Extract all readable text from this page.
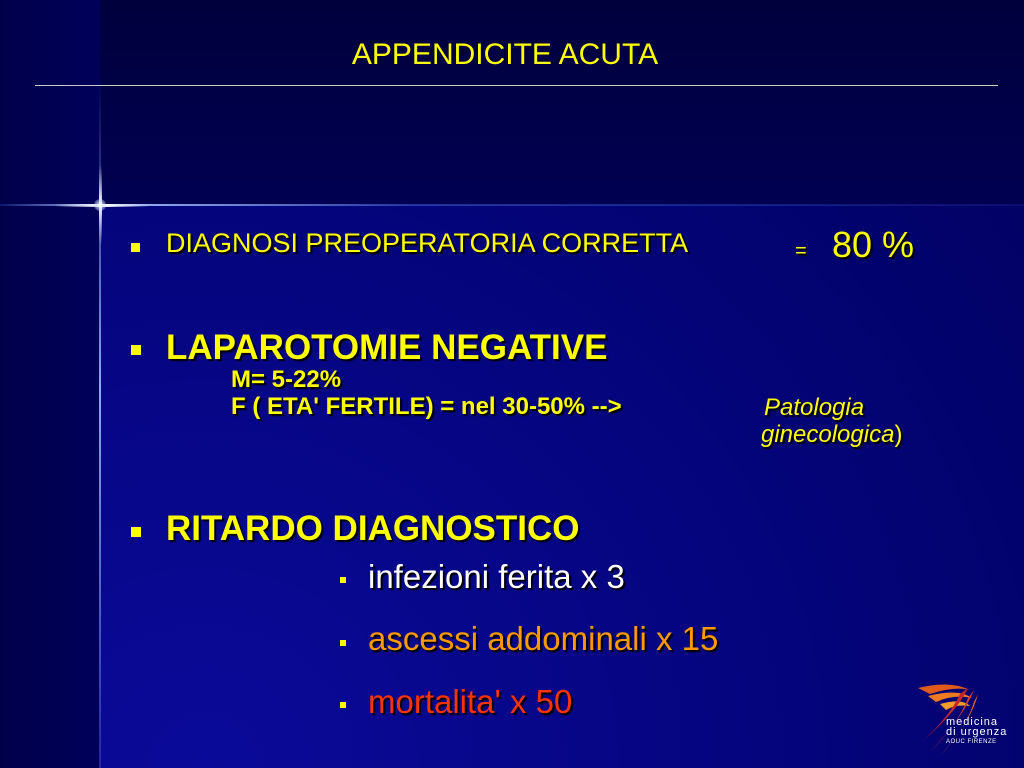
APPENDICITE ACUTA
DIAGNOSI PREOPERATORIA CORRETTA	= 80 %
LAPAROTOMIE NEGATIVE
M= 5-22%
F ( ETA' FERTILE) = nel 30-50% -->	Patologia
ginecologica)
RITARDO DIAGNOSTICO
infezioni ferita x 3
ascessi addominali x 15
mortalita' x 50
medicina
di urgenza
AOUC FIRENZE
